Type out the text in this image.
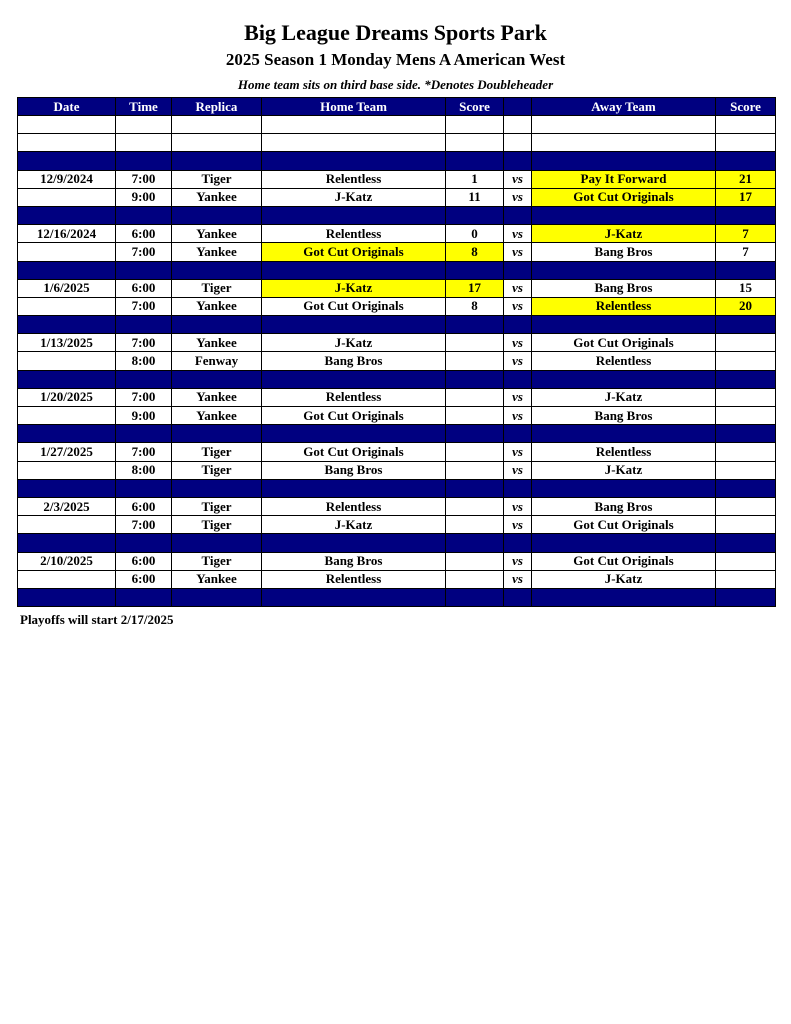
Big League Dreams Sports Park
2025 Season 1 Monday Mens A American West
Home team sits on third base side. *Denotes Doubleheader
Date	Time	Replica	Home Team	Score		Away Team	Score

12/9/2024	7:00	Tiger	Relentless	1	vs	Pay It Forward	21
	9:00	Yankee	J-Katz	11	vs	Got Cut Originals	17

12/16/2024	6:00	Yankee	Relentless	0	vs	J-Katz	7
	7:00	Yankee	Got Cut Originals	8	vs	Bang Bros	7

1/6/2025	6:00	Tiger	J-Katz	17	vs	Bang Bros	15
	7:00	Yankee	Got Cut Originals	8	vs	Relentless	20

1/13/2025	7:00	Yankee	J-Katz		vs	Got Cut Originals	
	8:00	Fenway	Bang Bros		vs	Relentless	

1/20/2025	7:00	Yankee	Relentless		vs	J-Katz	
	9:00	Yankee	Got Cut Originals		vs	Bang Bros	

1/27/2025	7:00	Tiger	Got Cut Originals		vs	Relentless	
	8:00	Tiger	Bang Bros		vs	J-Katz	

2/3/2025	6:00	Tiger	Relentless		vs	Bang Bros	
	7:00	Tiger	J-Katz		vs	Got Cut Originals	

2/10/2025	6:00	Tiger	Bang Bros		vs	Got Cut Originals	
	6:00	Yankee	Relentless		vs	J-Katz	

Playoffs will start 2/17/2025
